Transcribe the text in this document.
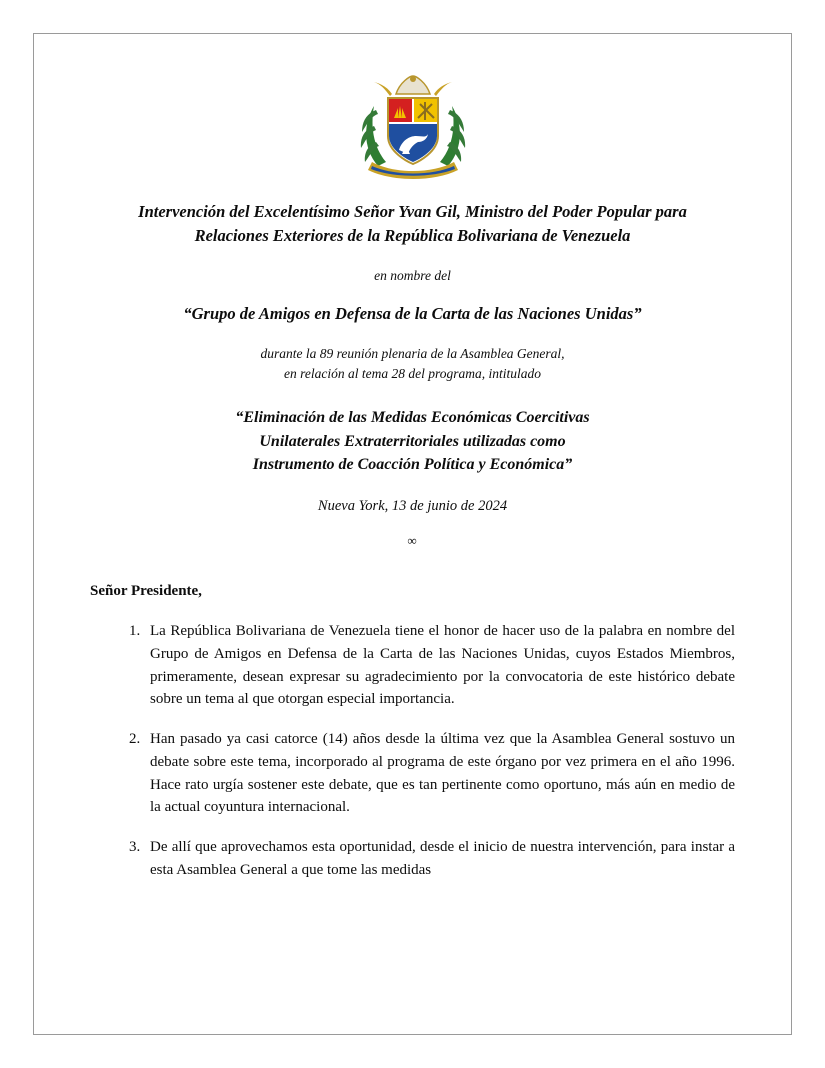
Intervención del Excelentísimo Señor Yvan Gil, Ministro del Poder Popular para Relaciones Exteriores de la República Bolivariana de Venezuela
en nombre del
“Grupo de Amigos en Defensa de la Carta de las Naciones Unidas”
durante la 89 reunión plenaria de la Asamblea General,
en relación al tema 28 del programa, intitulado
“Eliminación de las Medidas Económicas Coercitivas
Unilaterales Extraterritoriales utilizadas como
Instrumento de Coacción Política y Económica”
Nueva York, 13 de junio de 2024
∞
Señor Presidente,
1. La República Bolivariana de Venezuela tiene el honor de hacer uso de la palabra en nombre del Grupo de Amigos en Defensa de la Carta de las Naciones Unidas, cuyos Estados Miembros, primeramente, desean expresar su agradecimiento por la convocatoria de este histórico debate sobre un tema al que otorgan especial importancia.
2. Han pasado ya casi catorce (14) años desde la última vez que la Asamblea General sostuvo un debate sobre este tema, incorporado al programa de este órgano por vez primera en el año 1996. Hace rato urgía sostener este debate, que es tan pertinente como oportuno, más aún en medio de la actual coyuntura internacional.
3. De allí que aprovechamos esta oportunidad, desde el inicio de nuestra intervención, para instar a esta Asamblea General a que tome las medidas
